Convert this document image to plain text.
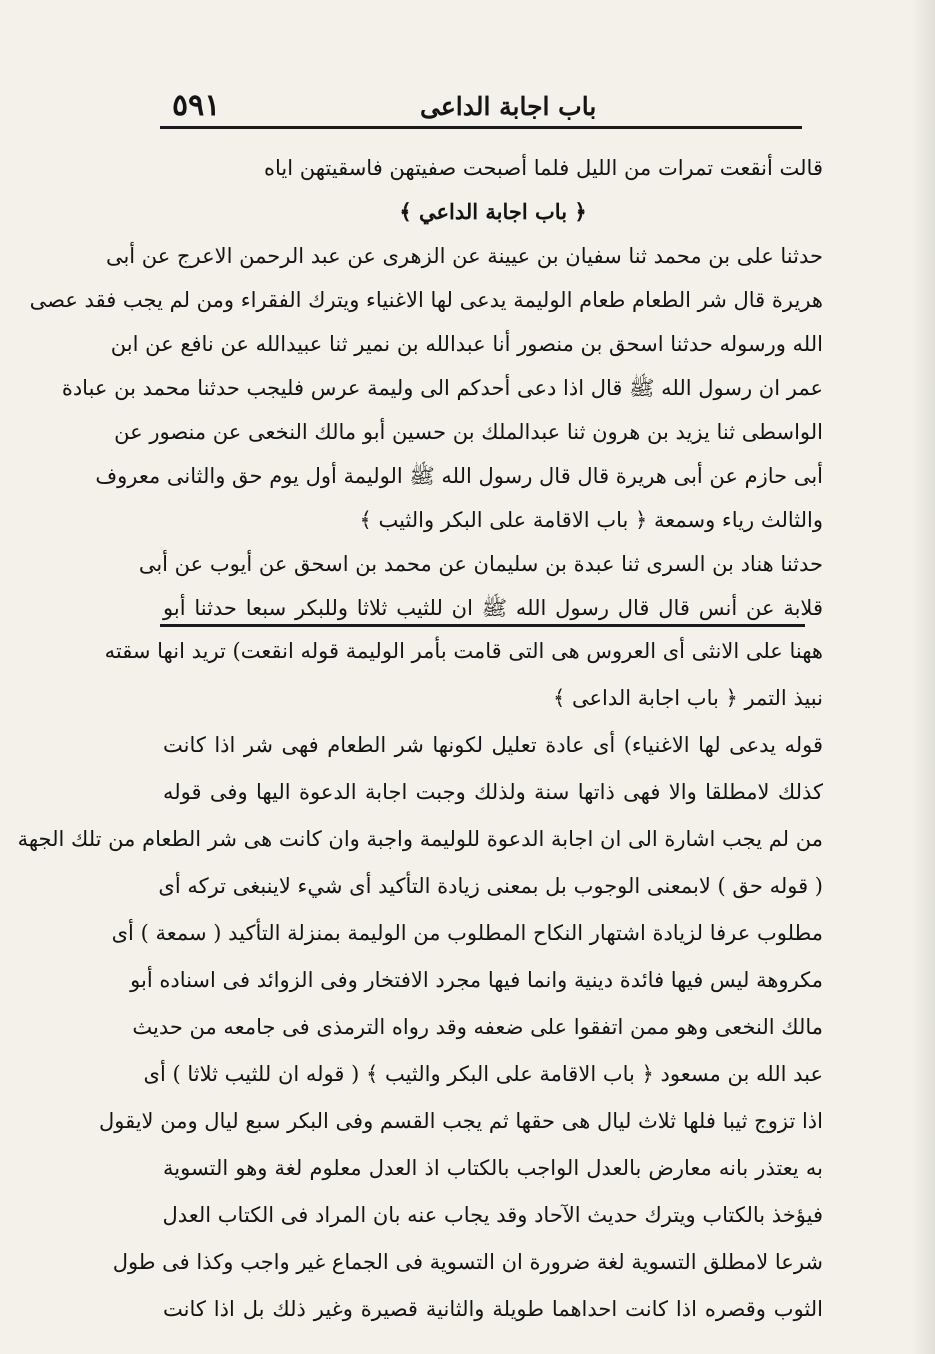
٥٩١	باب اجابة الداعى
قالت أنقعت تمرات من الليل فلما أصبحت صفيتهن فاسقيتهن اياه
﴿ باب اجابة الداعي ﴾
حدثنا على بن محمد ثنا سفيان بن عيينة عن الزهرى عن عبد الرحمن الاعرج عن أبى
هريرة قال شر الطعام طعام الوليمة يدعى لها الاغنياء ويترك الفقراء ومن لم يجب فقد عصى
الله ورسوله حدثنا اسحق بن منصور أنا عبدالله بن نمير ثنا عبيدالله عن نافع عن ابن
عمر ان رسول الله ﷺ قال اذا دعى أحدكم الى وليمة عرس فليجب حدثنا محمد بن عبادة
الواسطى ثنا يزيد بن هرون ثنا عبدالملك بن حسين أبو مالك النخعى عن منصور عن
أبى حازم عن أبى هريرة قال قال رسول الله ﷺ الوليمة أول يوم حق والثانى معروف
والثالث رياء وسمعة ﴿ باب الاقامة على البكر والثيب ﴾
حدثنا هناد بن السرى ثنا عبدة بن سليمان عن محمد بن اسحق عن أيوب عن أبى
قلابة عن أنس قال قال رسول الله ﷺ ان للثيب ثلاثا وللبكر سبعا حدثنا أبو
ههنا على الانثى أى العروس هى التى قامت بأمر الوليمة قوله انقعت) تريد انها سقته
نبيذ التمر ﴿ باب اجابة الداعى ﴾
قوله يدعى لها الاغنياء) أى عادة تعليل لكونها شر الطعام فهى شر اذا كانت
كذلك لامطلقا والا فهى ذاتها سنة ولذلك وجبت اجابة الدعوة اليها وفى قوله
من لم يجب اشارة الى ان اجابة الدعوة للوليمة واجبة وان كانت هى شر الطعام من تلك الجهة
( قوله حق ) لابمعنى الوجوب بل بمعنى زيادة التأكيد أى شيء لاينبغى تركه أى
مطلوب عرفا لزيادة اشتهار النكاح المطلوب من الوليمة بمنزلة التأكيد ( سمعة ) أى
مكروهة ليس فيها فائدة دينية وانما فيها مجرد الافتخار وفى الزوائد فى اسناده أبو
مالك النخعى وهو ممن اتفقوا على ضعفه وقد رواه الترمذى فى جامعه من حديث
عبد الله بن مسعود ﴿ باب الاقامة على البكر والثيب ﴾ ( قوله ان للثيب ثلاثا ) أى
اذا تزوج ثيبا فلها ثلاث ليال هى حقها ثم يجب القسم وفى البكر سبع ليال ومن لايقول
به يعتذر بانه معارض بالعدل الواجب بالكتاب اذ العدل معلوم لغة وهو التسوية
فيؤخذ بالكتاب ويترك حديث الآحاد وقد يجاب عنه بان المراد فى الكتاب العدل
شرعا لامطلق التسوية لغة ضرورة ان التسوية فى الجماع غير واجب وكذا فى طول
الثوب وقصره اذا كانت احداهما طويلة والثانية قصيرة وغير ذلك بل اذا كانت
